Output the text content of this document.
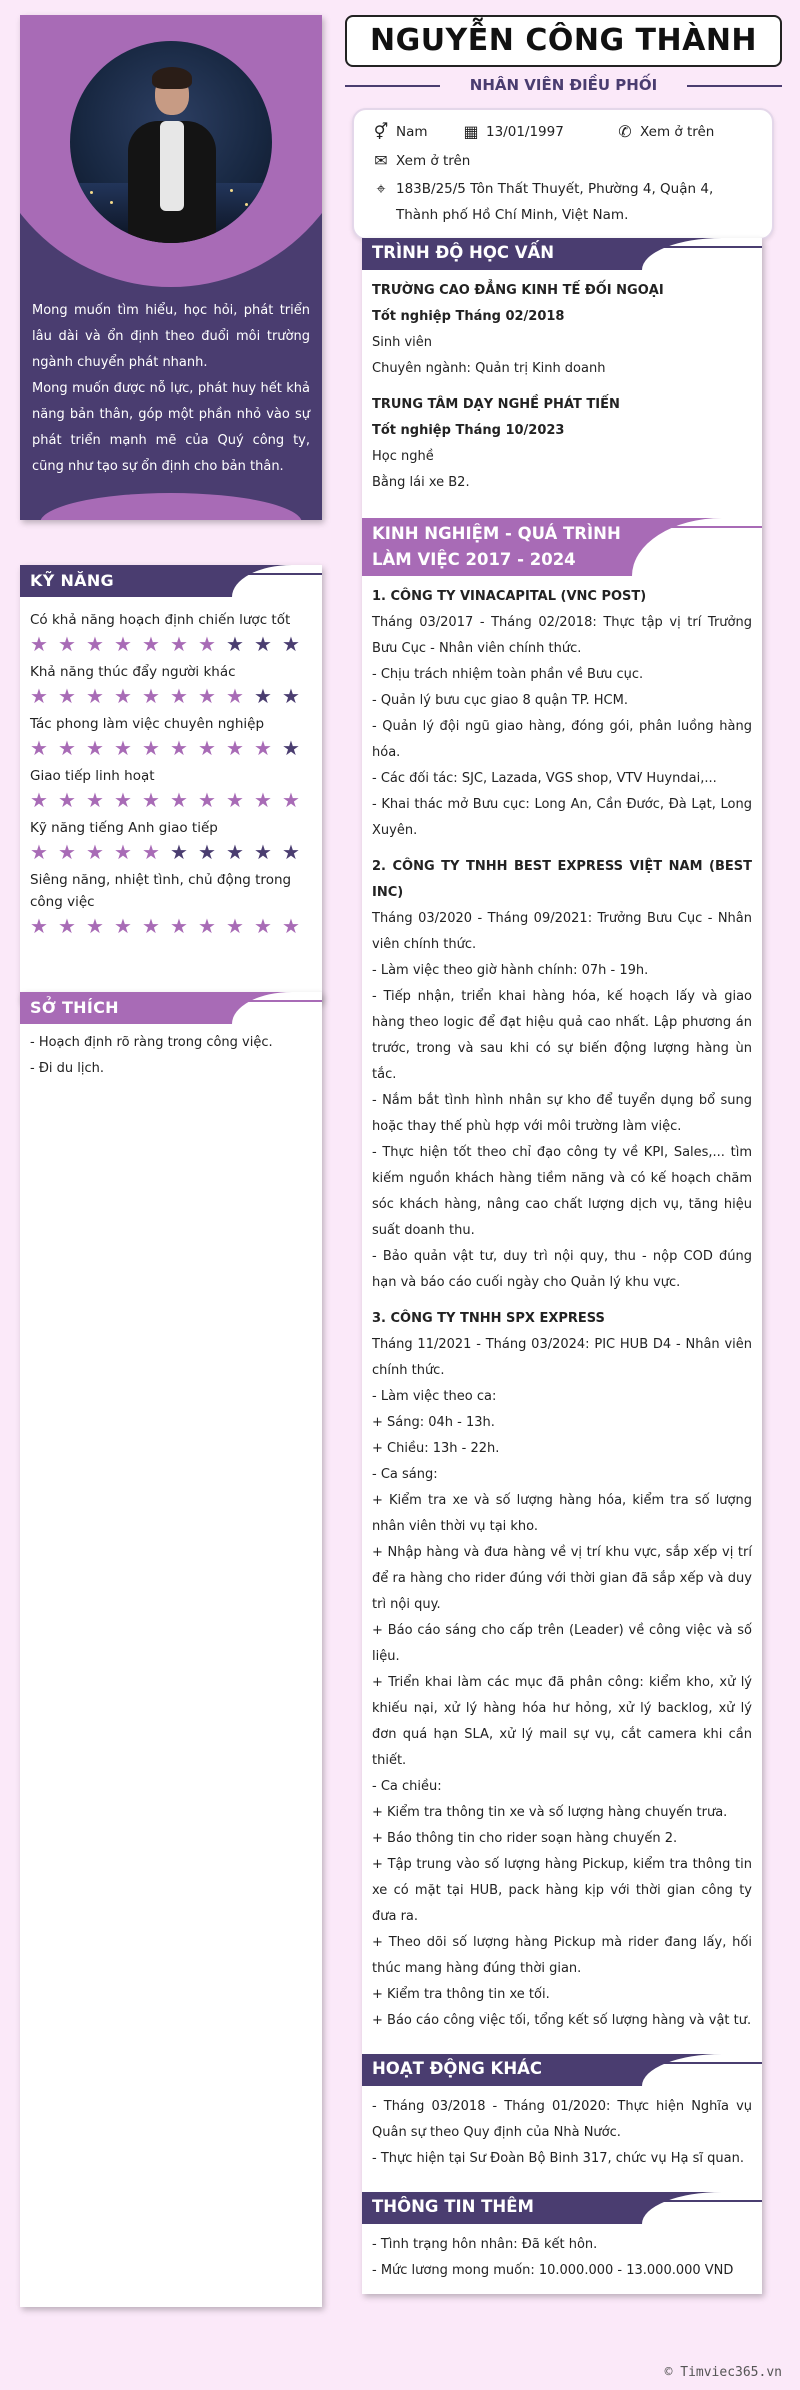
Mong muốn tìm hiểu, học hỏi, phát triển lâu dài và ổn định theo đuổi môi trường ngành chuyển phát nhanh.

Mong muốn được nỗ lực, phát huy hết khả năng bản thân, góp một phần nhỏ vào sự phát triển mạnh mẽ của Quý công ty, cũng như tạo sự ổn định cho bản thân.

KỸ NĂNG
Có khả năng hoạch định chiến lược tốt
★ ★ ★ ★ ★ ★ ★ ★ ★ ★
Khả năng thúc đẩy người khác
★ ★ ★ ★ ★ ★ ★ ★ ★ ★
Tác phong làm việc chuyên nghiệp
★ ★ ★ ★ ★ ★ ★ ★ ★ ★
Giao tiếp linh hoạt
★ ★ ★ ★ ★ ★ ★ ★ ★ ★
Kỹ năng tiếng Anh giao tiếp
★ ★ ★ ★ ★ ★ ★ ★ ★ ★
Siêng năng, nhiệt tình, chủ động trong công việc
★ ★ ★ ★ ★ ★ ★ ★ ★ ★
SỞ THÍCH
- Hoạch định rõ ràng trong công việc.
- Đi du lịch.
NGUYỄN CÔNG THÀNH
NHÂN VIÊN ĐIỀU PHỐI
⚥ Nam ▦ 13/01/1997	✆ Xem ở trên
✉ Xem ở trên
⌖ 183B/25/5 Tôn Thất Thuyết, Phường 4, Quận 4,
Thành phố Hồ Chí Minh, Việt Nam.
TRÌNH ĐỘ HỌC VẤN
TRƯỜNG CAO ĐẲNG KINH TẾ ĐỐI NGOẠI
Tốt nghiệp Tháng 02/2018
Sinh viên
Chuyên ngành: Quản trị Kinh doanh
TRUNG TÂM DẠY NGHỀ PHÁT TIẾN
Tốt nghiệp Tháng 10/2023
Học nghề
Bằng lái xe B2.
KINH NGHIỆM - QUÁ TRÌNH
LÀM VIỆC 2017 - 2024
1. CÔNG TY VINACAPITAL (VNC POST)
Tháng 03/2017 - Tháng 02/2018: Thực tập vị trí Trưởng Bưu Cục - Nhân viên chính thức.
- Chịu trách nhiệm toàn phần về Bưu cục.
- Quản lý bưu cục giao 8 quận TP. HCM.
- Quản lý đội ngũ giao hàng, đóng gói, phân luồng hàng hóa.
- Các đối tác: SJC, Lazada, VGS shop, VTV Huyndai,...
- Khai thác mở Bưu cục: Long An, Cần Đước, Đà Lạt, Long Xuyên.
2. CÔNG TY TNHH BEST EXPRESS VIỆT NAM (BEST INC)
Tháng 03/2020 - Tháng 09/2021: Trưởng Bưu Cục - Nhân viên chính thức.
- Làm việc theo giờ hành chính: 07h - 19h.
- Tiếp nhận, triển khai hàng hóa, kế hoạch lấy và giao hàng theo logic để đạt hiệu quả cao nhất. Lập phương án trước, trong và sau khi có sự biến động lượng hàng ùn tắc.
- Nắm bắt tình hình nhân sự kho để tuyển dụng bổ sung hoặc thay thế phù hợp với môi trường làm việc.
- Thực hiện tốt theo chỉ đạo công ty về KPI, Sales,... tìm kiếm nguồn khách hàng tiềm năng và có kế hoạch chăm sóc khách hàng, nâng cao chất lượng dịch vụ, tăng hiệu suất doanh thu.
- Bảo quản vật tư, duy trì nội quy, thu - nộp COD đúng hạn và báo cáo cuối ngày cho Quản lý khu vực.
3. CÔNG TY TNHH SPX EXPRESS
Tháng 11/2021 - Tháng 03/2024: PIC HUB D4 - Nhân viên chính thức.
- Làm việc theo ca:
+ Sáng: 04h - 13h.
+ Chiều: 13h - 22h.
- Ca sáng:
+ Kiểm tra xe và số lượng hàng hóa, kiểm tra số lượng nhân viên thời vụ tại kho.
+ Nhập hàng và đưa hàng về vị trí khu vực, sắp xếp vị trí để ra hàng cho rider đúng với thời gian đã sắp xếp và duy trì nội quy.
+ Báo cáo sáng cho cấp trên (Leader) về công việc và số liệu.
+ Triển khai làm các mục đã phân công: kiểm kho, xử lý khiếu nại, xử lý hàng hóa hư hỏng, xử lý backlog, xử lý đơn quá hạn SLA, xử lý mail sự vụ, cắt camera khi cần thiết.
- Ca chiều:
+ Kiểm tra thông tin xe và số lượng hàng chuyến trưa.
+ Báo thông tin cho rider soạn hàng chuyến 2.
+ Tập trung vào số lượng hàng Pickup, kiểm tra thông tin xe có mặt tại HUB, pack hàng kịp với thời gian công ty đưa ra.
+ Theo dõi số lượng hàng Pickup mà rider đang lấy, hối thúc mang hàng đúng thời gian.
+ Kiểm tra thông tin xe tối.
+ Báo cáo công việc tối, tổng kết số lượng hàng và vật tư.
HOẠT ĐỘNG KHÁC
- Tháng 03/2018 - Tháng 01/2020: Thực hiện Nghĩa vụ Quân sự theo Quy định của Nhà Nước.
- Thực hiện tại Sư Đoàn Bộ Binh 317, chức vụ Hạ sĩ quan.
THÔNG TIN THÊM
- Tình trạng hôn nhân: Đã kết hôn.
- Mức lương mong muốn: 10.000.000 - 13.000.000 VND
© Timviec365.vn
